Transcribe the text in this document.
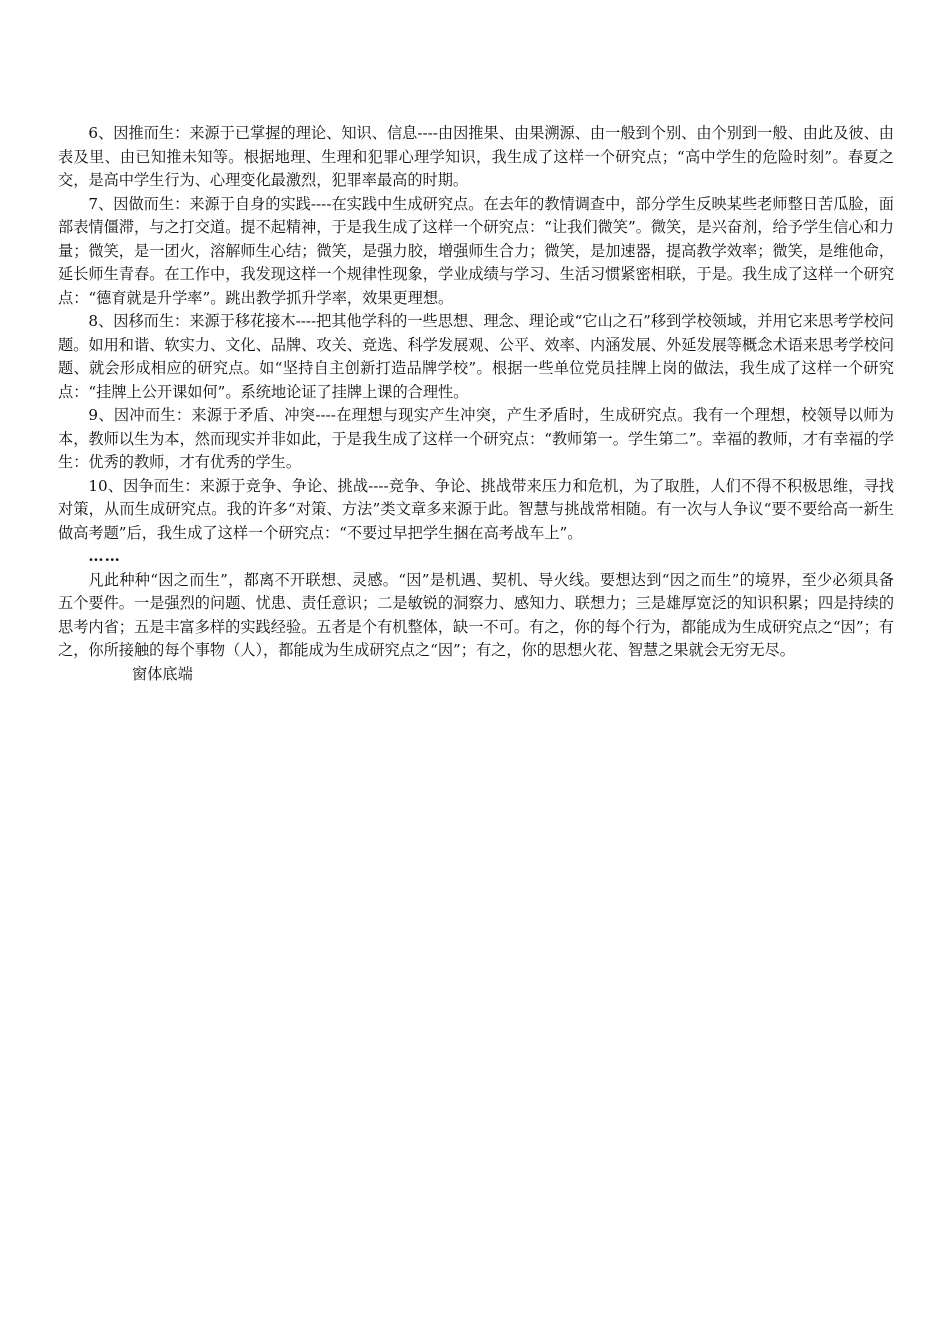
6、因推而生：来源于已掌握的理论、知识、信息----由因推果、由果溯源、由一般到个别、由个别到一般、由此及彼、由表及里、由已知推未知等。根据地理、生理和犯罪心理学知识，我生成了这样一个研究点；“高中学生的危险时刻”。春夏之交，是高中学生行为、心理变化最激烈，犯罪率最高的时期。

7、因做而生：来源于自身的实践----在实践中生成研究点。在去年的教情调查中，部分学生反映某些老师整日苦瓜脸，面部表情僵滞，与之打交道。提不起精神，于是我生成了这样一个研究点：“让我们微笑”。微笑，是兴奋剂，给予学生信心和力量；微笑，是一团火，溶解师生心结；微笑，是强力胶，增强师生合力；微笑，是加速器，提高教学效率；微笑，是维他命，延长师生青春。在工作中，我发现这样一个规律性现象，学业成绩与学习、生活习惯紧密相联，于是。我生成了这样一个研究点：“德育就是升学率”。跳出教学抓升学率，效果更理想。

8、因移而生：来源于移花接木----把其他学科的一些思想、理念、理论或“它山之石”移到学校领域，并用它来思考学校问题。如用和谐、软实力、文化、品牌、攻关、竞选、科学发展观、公平、效率、内涵发展、外延发展等概念术语来思考学校问题、就会形成相应的研究点。如“坚持自主创新打造品牌学校”。根据一些单位党员挂牌上岗的做法，我生成了这样一个研究点：“挂牌上公开课如何”。系统地论证了挂牌上课的合理性。

9、因冲而生：来源于矛盾、冲突----在理想与现实产生冲突，产生矛盾时，生成研究点。我有一个理想，校领导以师为本，教师以生为本，然而现实并非如此，于是我生成了这样一个研究点：“教师第一。学生第二”。幸福的教师，才有幸福的学生：优秀的教师，才有优秀的学生。

10、因争而生：来源于竞争、争论、挑战----竞争、争论、挑战带来压力和危机，为了取胜，人们不得不积极思维，寻找对策，从而生成研究点。我的许多“对策、方法”类文章多来源于此。智慧与挑战常相随。有一次与人争议“要不要给高一新生做高考题”后，我生成了这样一个研究点：“不要过早把学生捆在高考战车上”。

……

凡此种种“因之而生”，都离不开联想、灵感。“因”是机遇、契机、导火线。要想达到“因之而生”的境界，至少必须具备五个要件。一是强烈的问题、忧患、责任意识；二是敏锐的洞察力、感知力、联想力；三是雄厚宽泛的知识积累；四是持续的思考内省；五是丰富多样的实践经验。五者是个有机整体，缺一不可。有之，你的每个行为，都能成为生成研究点之“因”；有之，你所接触的每个事物（人），都能成为生成研究点之“因”；有之，你的思想火花、智慧之果就会无穷无尽。

窗体底端
